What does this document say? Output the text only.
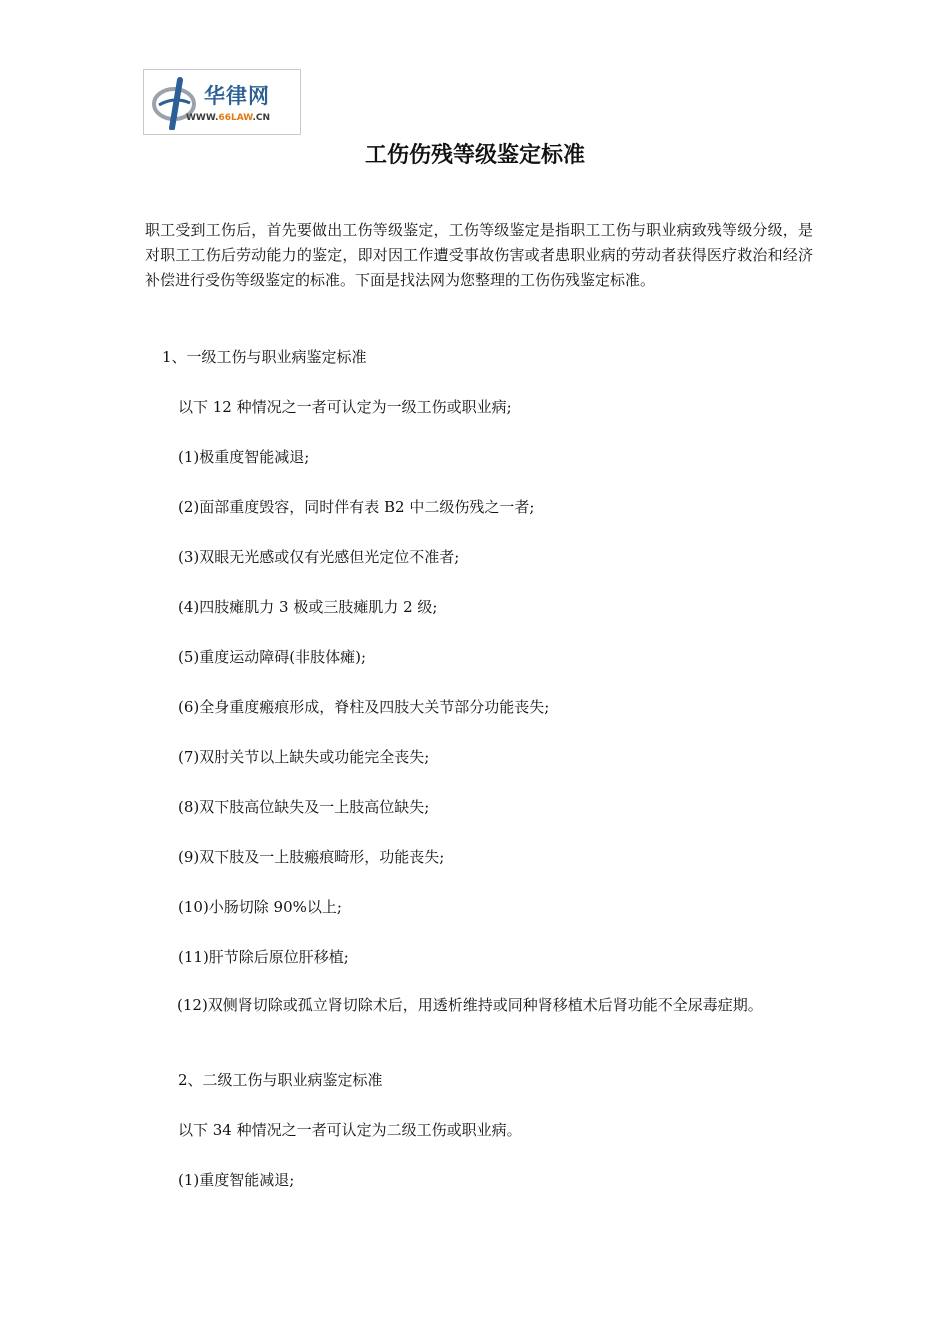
华律网
WWW.66LAW.CN
工伤伤残等级鉴定标准

职工受到工伤后，首先要做出工伤等级鉴定，工伤等级鉴定是指职工工伤与职业病致残等级分级，是对职工工伤后劳动能力的鉴定，即对因工作遭受事故伤害或者患职业病的劳动者获得医疗救治和经济补偿进行受伤等级鉴定的标准。下面是找法网为您整理的工伤伤残鉴定标准。

1、一级工伤与职业病鉴定标准

以下 12 种情况之一者可认定为一级工伤或职业病;

(1)极重度智能减退;

(2)面部重度毁容，同时伴有表 B2 中二级伤残之一者;

(3)双眼无光感或仅有光感但光定位不准者;

(4)四肢瘫肌力 3 极或三肢瘫肌力 2 级;

(5)重度运动障碍(非肢体瘫);

(6)全身重度瘢痕形成，脊柱及四肢大关节部分功能丧失;

(7)双肘关节以上缺失或功能完全丧失;

(8)双下肢高位缺失及一上肢高位缺失;

(9)双下肢及一上肢瘢痕畸形，功能丧失;

(10)小肠切除 90%以上;

(11)肝节除后原位肝移植;

(12)双侧肾切除或孤立肾切除术后，用透析维持或同种肾移植术后肾功能不全尿毒症期。

2、二级工伤与职业病鉴定标准

以下 34 种情况之一者可认定为二级工伤或职业病。

(1)重度智能减退;
